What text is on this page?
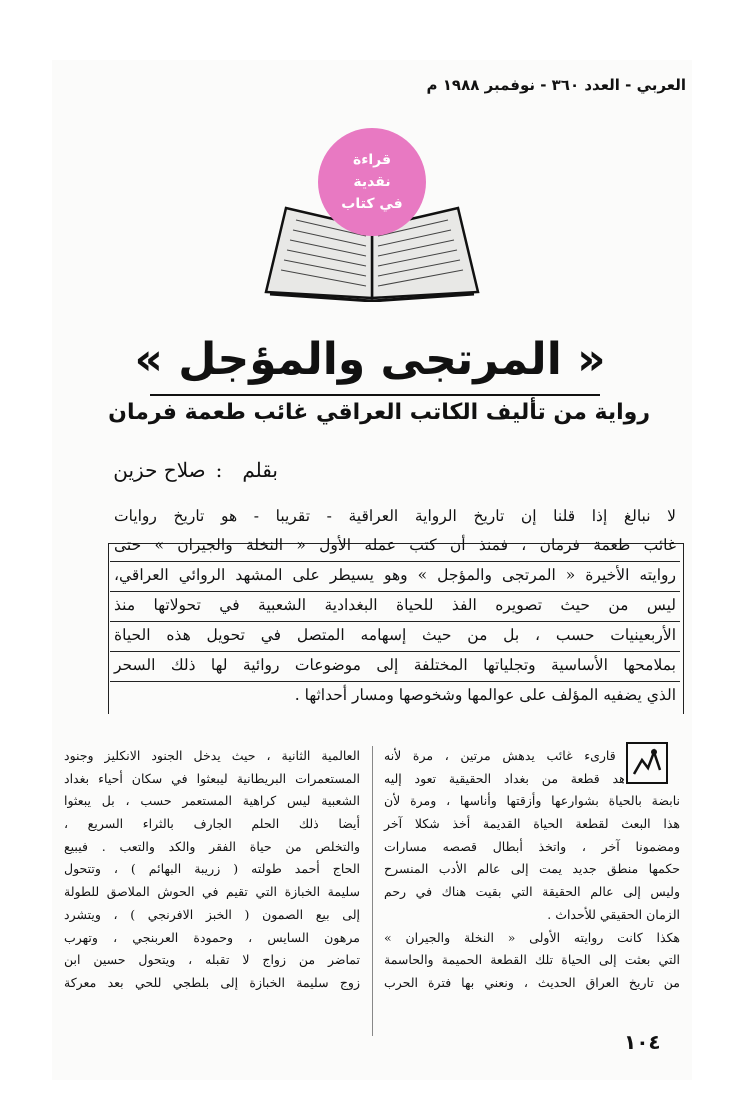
العربي - العدد ٣٦٠ - نوفمبر ١٩٨٨ م
قراءة
نقدية
في كتاب
« المرتجى والمؤجل »
رواية من تأليف الكاتب العراقي غائب طعمة فرمان
بقلم:صلاح حزين
لا نبالغ إذا قلنا إن تاريخ الرواية العراقية - تقريبا - هو تاريخ روايات
غائب طعمة فرمان ، فمنذ أن كتب عمله الأول « النخلة والجيران » حتى
روايته الأخيرة « المرتجى والمؤجل » وهو يسيطر على المشهد الروائي العراقي،
ليس من حيث تصويره الفذ للحياة البغدادية الشعبية في تحولاتها منذ
الأربعينيات حسب ، بل من حيث إسهامه المتصل في تحويل هذه الحياة
بملامحها الأساسية وتجلياتها المختلفة إلى موضوعات روائية لها ذلك السحر
الذي يضفيه المؤلف على عوالمها وشخوصها ومسار أحداثها .
إن قارىء غائب يدهش مرتين ، مرة لأنه
شاهد قطعة من بغداد الحقيقية تعود إليه
نابضة بالحياة بشوارعها وأزقتها وأناسها ، ومرة لأن
هذا البعث لقطعة الحياة القديمة أخذ شكلا آخر
ومضمونا آخر ، واتخذ أبطال قصصه مسارات
حكمها منطق جديد يمت إلى عالم الأدب المنسرح
وليس إلى عالم الحقيقة التي بقيت هناك في رحم
الزمان الحقيقي للأحداث .
هكذا كانت روايته الأولى « النخلة والجيران »
التي بعثت إلى الحياة تلك القطعة الحميمة والحاسمة
من تاريخ العراق الحديث ، ونعني بها فترة الحرب
العالمية الثانية ، حيث يدخل الجنود الانكليز وجنود
المستعمرات البريطانية ليبعثوا في سكان أحياء بغداد
الشعبية ليس كراهية المستعمر حسب ، بل يبعثوا
أيضا ذلك الحلم الجارف بالثراء السريع ،
والتخلص من حياة الفقر والكد والتعب . فيبيع
الحاج أحمد طولته ( زريبة البهائم ) ، وتتحول
سليمة الخبازة التي تقيم في الحوش الملاصق للطولة
إلى بيع الصمون ( الخبز الافرنجي ) ، ويتشرد
مرهون السايس ، وحمودة العربنجي ، وتهرب
تماضر من زواج لا تقبله ، ويتحول حسين ابن
زوج سليمة الخبازة إلى بلطجي للحي بعد معركة
١٠٤
